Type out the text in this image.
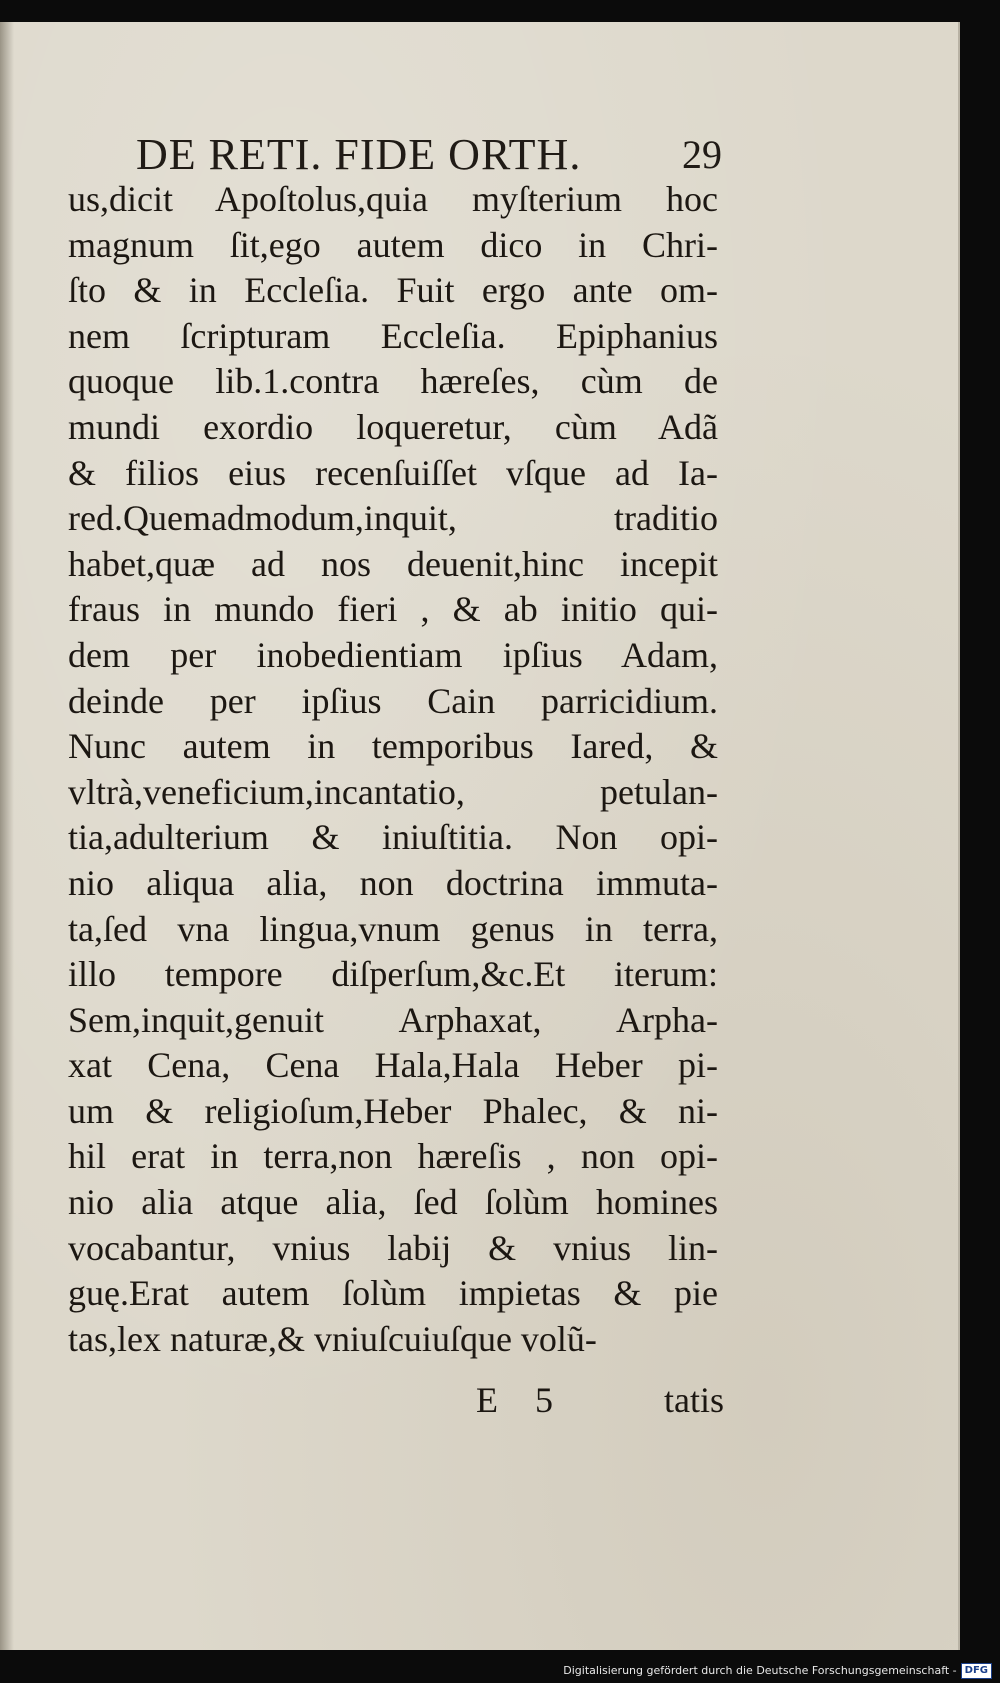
DE RETI. FIDE ORTH.	29
us,dicit Apoſtolus,quia myſterium hoc
magnum ſit,ego autem dico in Chri-
ſto & in Eccleſia. Fuit ergo ante om-
nem ſcripturam Eccleſia. Epiphanius
quoque lib.1.contra hæreſes, cùm de
mundi exordio loqueretur, cùm Adã
& filios eius recenſuiſſet vſque ad Ia-
red.Quemadmodum,inquit, traditio
habet,quæ ad nos deuenit,hinc incepit
fraus in mundo fieri , & ab initio qui-
dem per inobedientiam ipſius Adam,
deinde per ipſius Cain parricidium.
Nunc autem in temporibus Iared, &
vltrà,veneficium,incantatio, petulan-
tia,adulterium & iniuſtitia. Non opi-
nio aliqua alia, non doctrina immuta-
ta,ſed vna lingua,vnum genus in terra,
illo tempore diſperſum,&c.Et iterum:
Sem,inquit,genuit Arphaxat, Arpha-
xat Cena, Cena Hala,Hala Heber pi-
um & religioſum,Heber Phalec, & ni-
hil erat in terra,non hæreſis , non opi-
nio alia atque alia, ſed ſolùm homines
vocabantur, vnius labij & vnius lin-
guę.Erat autem ſolùm impietas & pie
tas,lex naturæ,& vniuſcuiuſque volũ-
E 5	tatis
Digitalisierung gefördert durch die Deutsche Forschungsgemeinschaft - DFG
